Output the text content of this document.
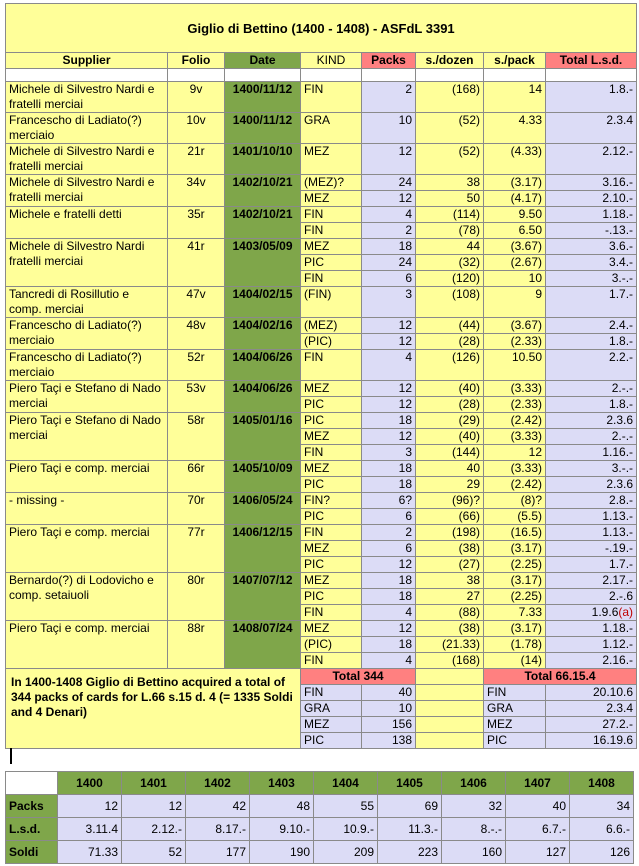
Giglio di Bettino (1400 - 1408) - ASFdL 3391							
Supplier	Folio	Date	KIND	Packs	s./dozen	s./pack	Total L.s.d.

Michele di Silvestro Nardi e fratelli merciai	9v	1400/11/12	FIN	2	(168)	14	1.8.-
Francescho di Ladiato(?) merciaio	10v	1400/11/12	GRA	10	(52)	4.33	2.3.4
Michele di Silvestro Nardi e fratelli merciai	21r	1401/10/10	MEZ	12	(52)	(4.33)	2.12.-
Michele di Silvestro Nardi e fratelli merciai	34v	1402/10/21	(MEZ)?	24	38	(3.17)	3.16.-
			MEZ	12	50	(4.17)	2.10.-
Michele e fratelli detti	35r	1402/10/21	FIN	4	(114)	9.50	1.18.-
			FIN	2	(78)	6.50	-.13.-
Michele di Silvestro Nardi fratelli merciai	41r	1403/05/09	MEZ	18	44	(3.67)	3.6.-
			PIC	24	(32)	(2.67)	3.4.-
			FIN	6	(120)	10	3.-.-
Tancredi di Rosillutio e comp. merciai	47v	1404/02/15	(FIN)	3	(108)	9	1.7.-
Francescho di Ladiato(?) merciaio	48v	1404/02/16	(MEZ)	12	(44)	(3.67)	2.4.-
			(PIC)	12	(28)	(2.33)	1.8.-
Francescho di Ladiato(?) merciaio	52r	1404/06/26	FIN	4	(126)	10.50	2.2.-
Piero Taçi e Stefano di Nado merciai	53v	1404/06/26	MEZ	12	(40)	(3.33)	2.-.-
			PIC	12	(28)	(2.33)	1.8.-
Piero Taçi e Stefano di Nado merciai	58r	1405/01/16	PIC	18	(29)	(2.42)	2.3.6
			MEZ	12	(40)	(3.33)	2.-.-
			FIN	3	(144)	12	1.16.-
Piero Taçi e comp. merciai	66r	1405/10/09	MEZ	18	40	(3.33)	3.-.-
			PIC	18	29	(2.42)	2.3.6
- missing -	70r	1406/05/24	FIN?	6?	(96)?	(8)?	2.8.-
			PIC	6	(66)	(5.5)	1.13.-
Piero Taçi e comp. merciai	77r	1406/12/15	FIN	2	(198)	(16.5)	1.13.-
			MEZ	6	(38)	(3.17)	-.19.-
			PIC	12	(27)	(2.25)	1.7.-
Bernardo(?) di Lodovicho e comp. setaiuoli	80r	1407/07/12	MEZ	18	38	(3.17)	2.17.-
			PIC	18	27	(2.25)	2.-.6
			FIN	4	(88)	7.33	1.9.6(a)
Piero Taçi e comp. merciai	88r	1408/07/24	MEZ	12	(38)	(3.17)	1.18.-
			(PIC)	18	(21.33)	(1.78)	1.12.-
			FIN	4	(168)	(14)	2.16.-

In 1400-1408 Giglio di Bettino acquired a total of 344 packs of cards for L.66 s.15 d. 4 (= 1335 Soldi and 4 Denari)	Total 344			Total 66.15.4	
	FIN	40		FIN	20.10.6
	GRA	10		GRA	2.3.4
	MEZ	156		MEZ	27.2.-
	PIC	138		PIC	16.19.6
	1400	1401	1402	1403	1404	1405	1406	1407	1408
Packs	12	12	42	48	55	69	32	40	34
L.s.d.	3.11.4	2.12.-	8.17.-	9.10.-	10.9.-	11.3.-	8.-.-	6.7.-	6.6.-
Soldi	71.33	52	177	190	209	223	160	127	126
